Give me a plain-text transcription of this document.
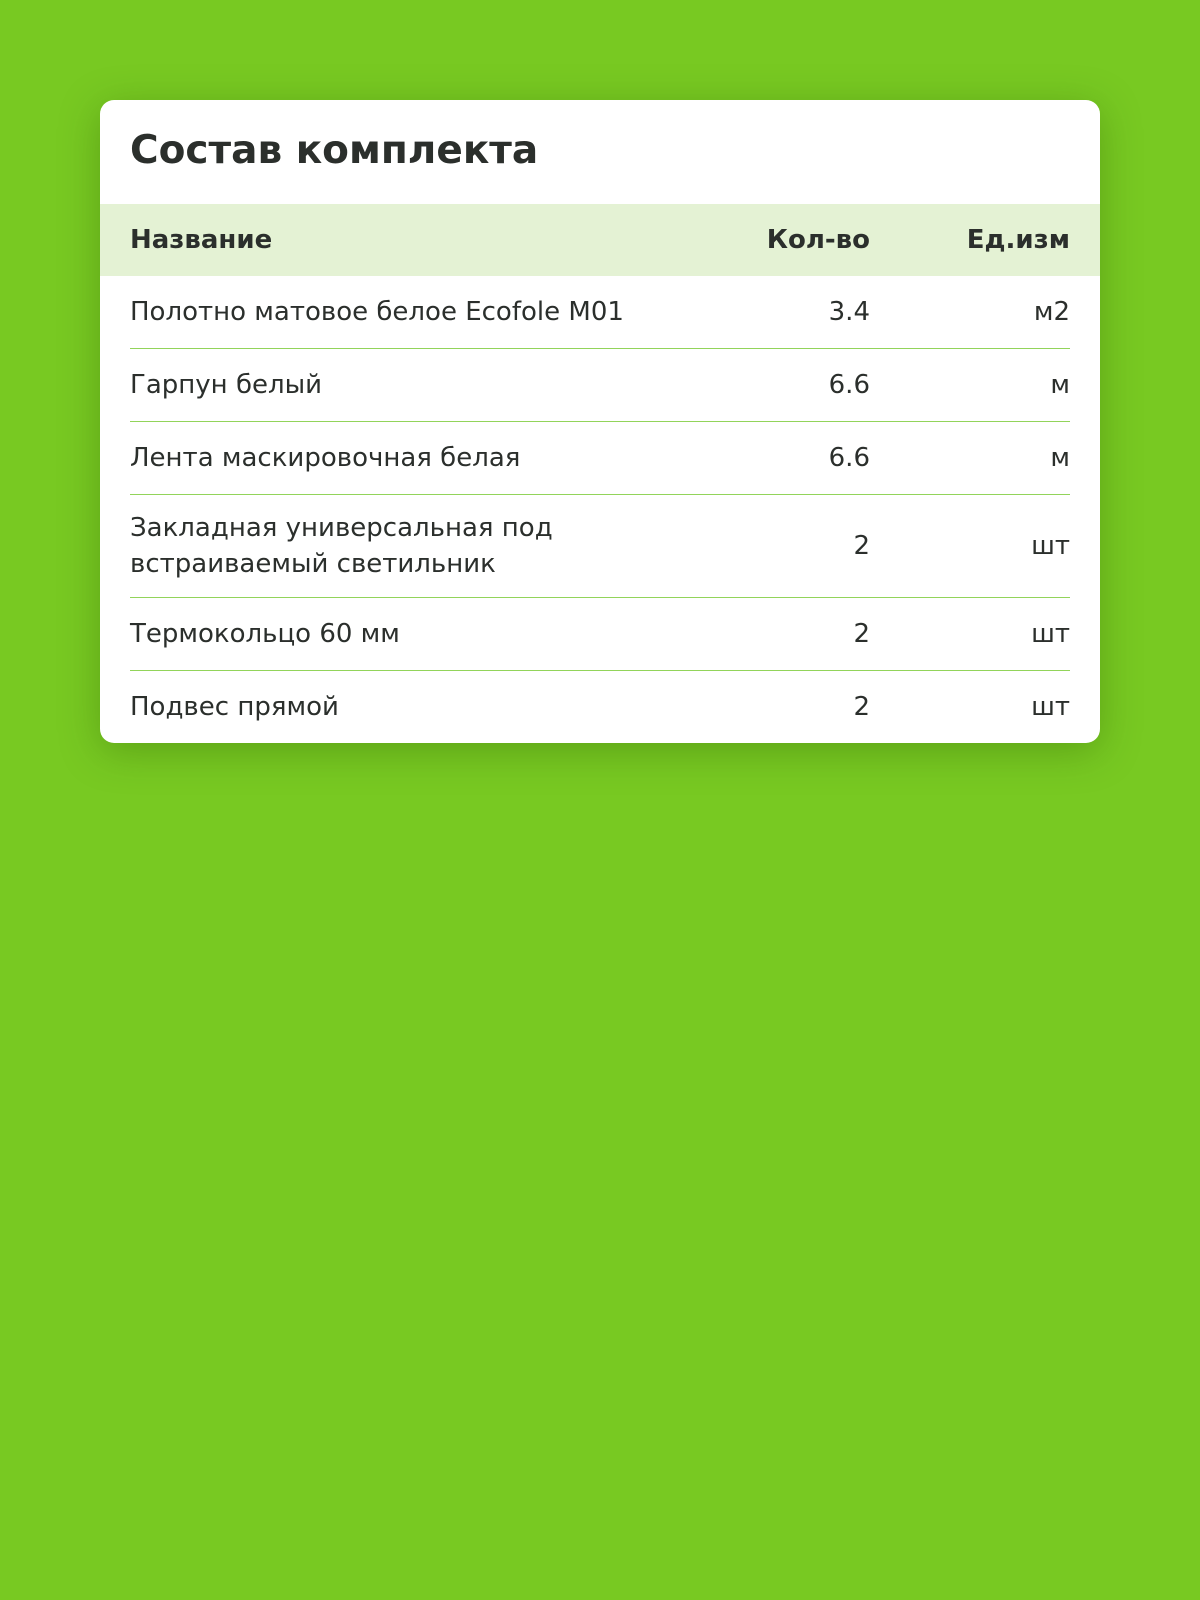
Состав комплекта
Название	Кол-во	Ед.изм
Полотно матовое белое Ecofole M01	3.4	м2

Гарпун белый	6.6	м

Лента маскировочная белая	6.6	м

Закладная универсальная под встраиваемый светильник	2	шт

Термокольцо 60 мм	2	шт

Подвес прямой	2	шт
